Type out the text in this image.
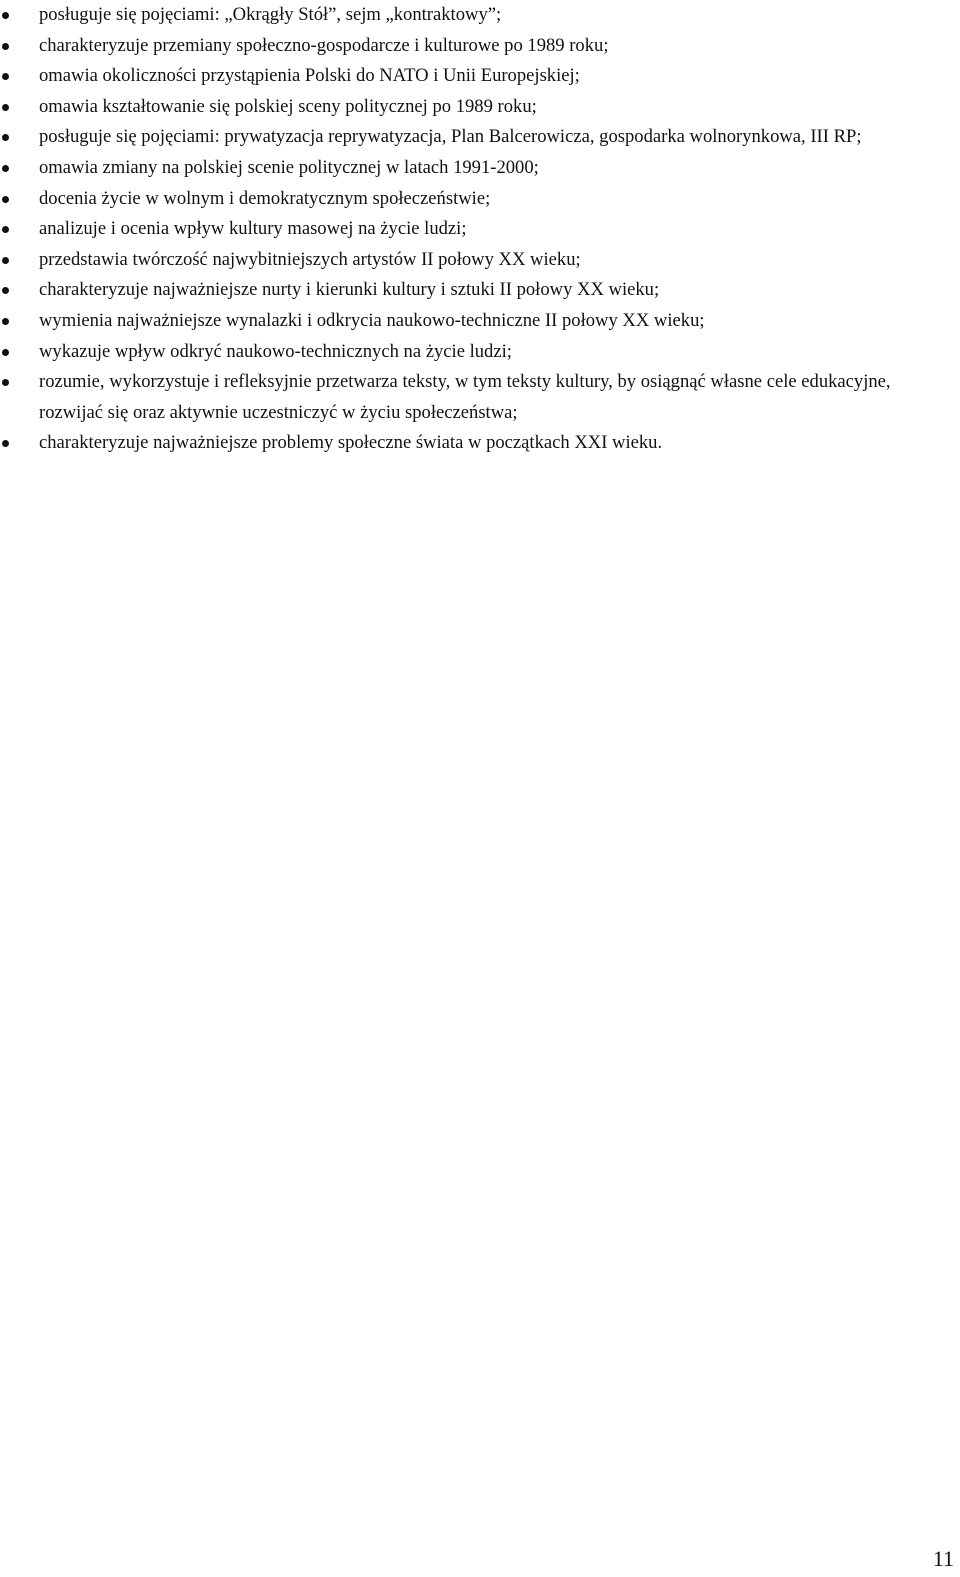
posługuje się pojęciami: „Okrągły Stół”, sejm „kontraktowy”;
charakteryzuje przemiany społeczno-gospodarcze i kulturowe po 1989 roku;
omawia okoliczności przystąpienia Polski do NATO i Unii Europejskiej;
omawia kształtowanie się polskiej sceny politycznej po 1989 roku;
posługuje się pojęciami: prywatyzacja reprywatyzacja, Plan Balcerowicza, gospodarka wolnorynkowa, III RP;
omawia zmiany na polskiej scenie politycznej w latach 1991-2000;
docenia życie w wolnym i demokratycznym społeczeństwie;
analizuje i ocenia wpływ kultury masowej na życie ludzi;
przedstawia twórczość najwybitniejszych artystów II połowy XX wieku;
charakteryzuje najważniejsze nurty i kierunki kultury i sztuki II połowy XX wieku;
wymienia najważniejsze wynalazki i odkrycia naukowo-techniczne II połowy XX wieku;
wykazuje wpływ odkryć naukowo-technicznych na życie ludzi;
rozumie, wykorzystuje i refleksyjnie przetwarza teksty, w tym teksty kultury, by osiągnąć własne cele edukacyjne, rozwijać się oraz aktywnie uczestniczyć w życiu społeczeństwa;
charakteryzuje najważniejsze problemy społeczne świata w początkach XXI wieku.
11
